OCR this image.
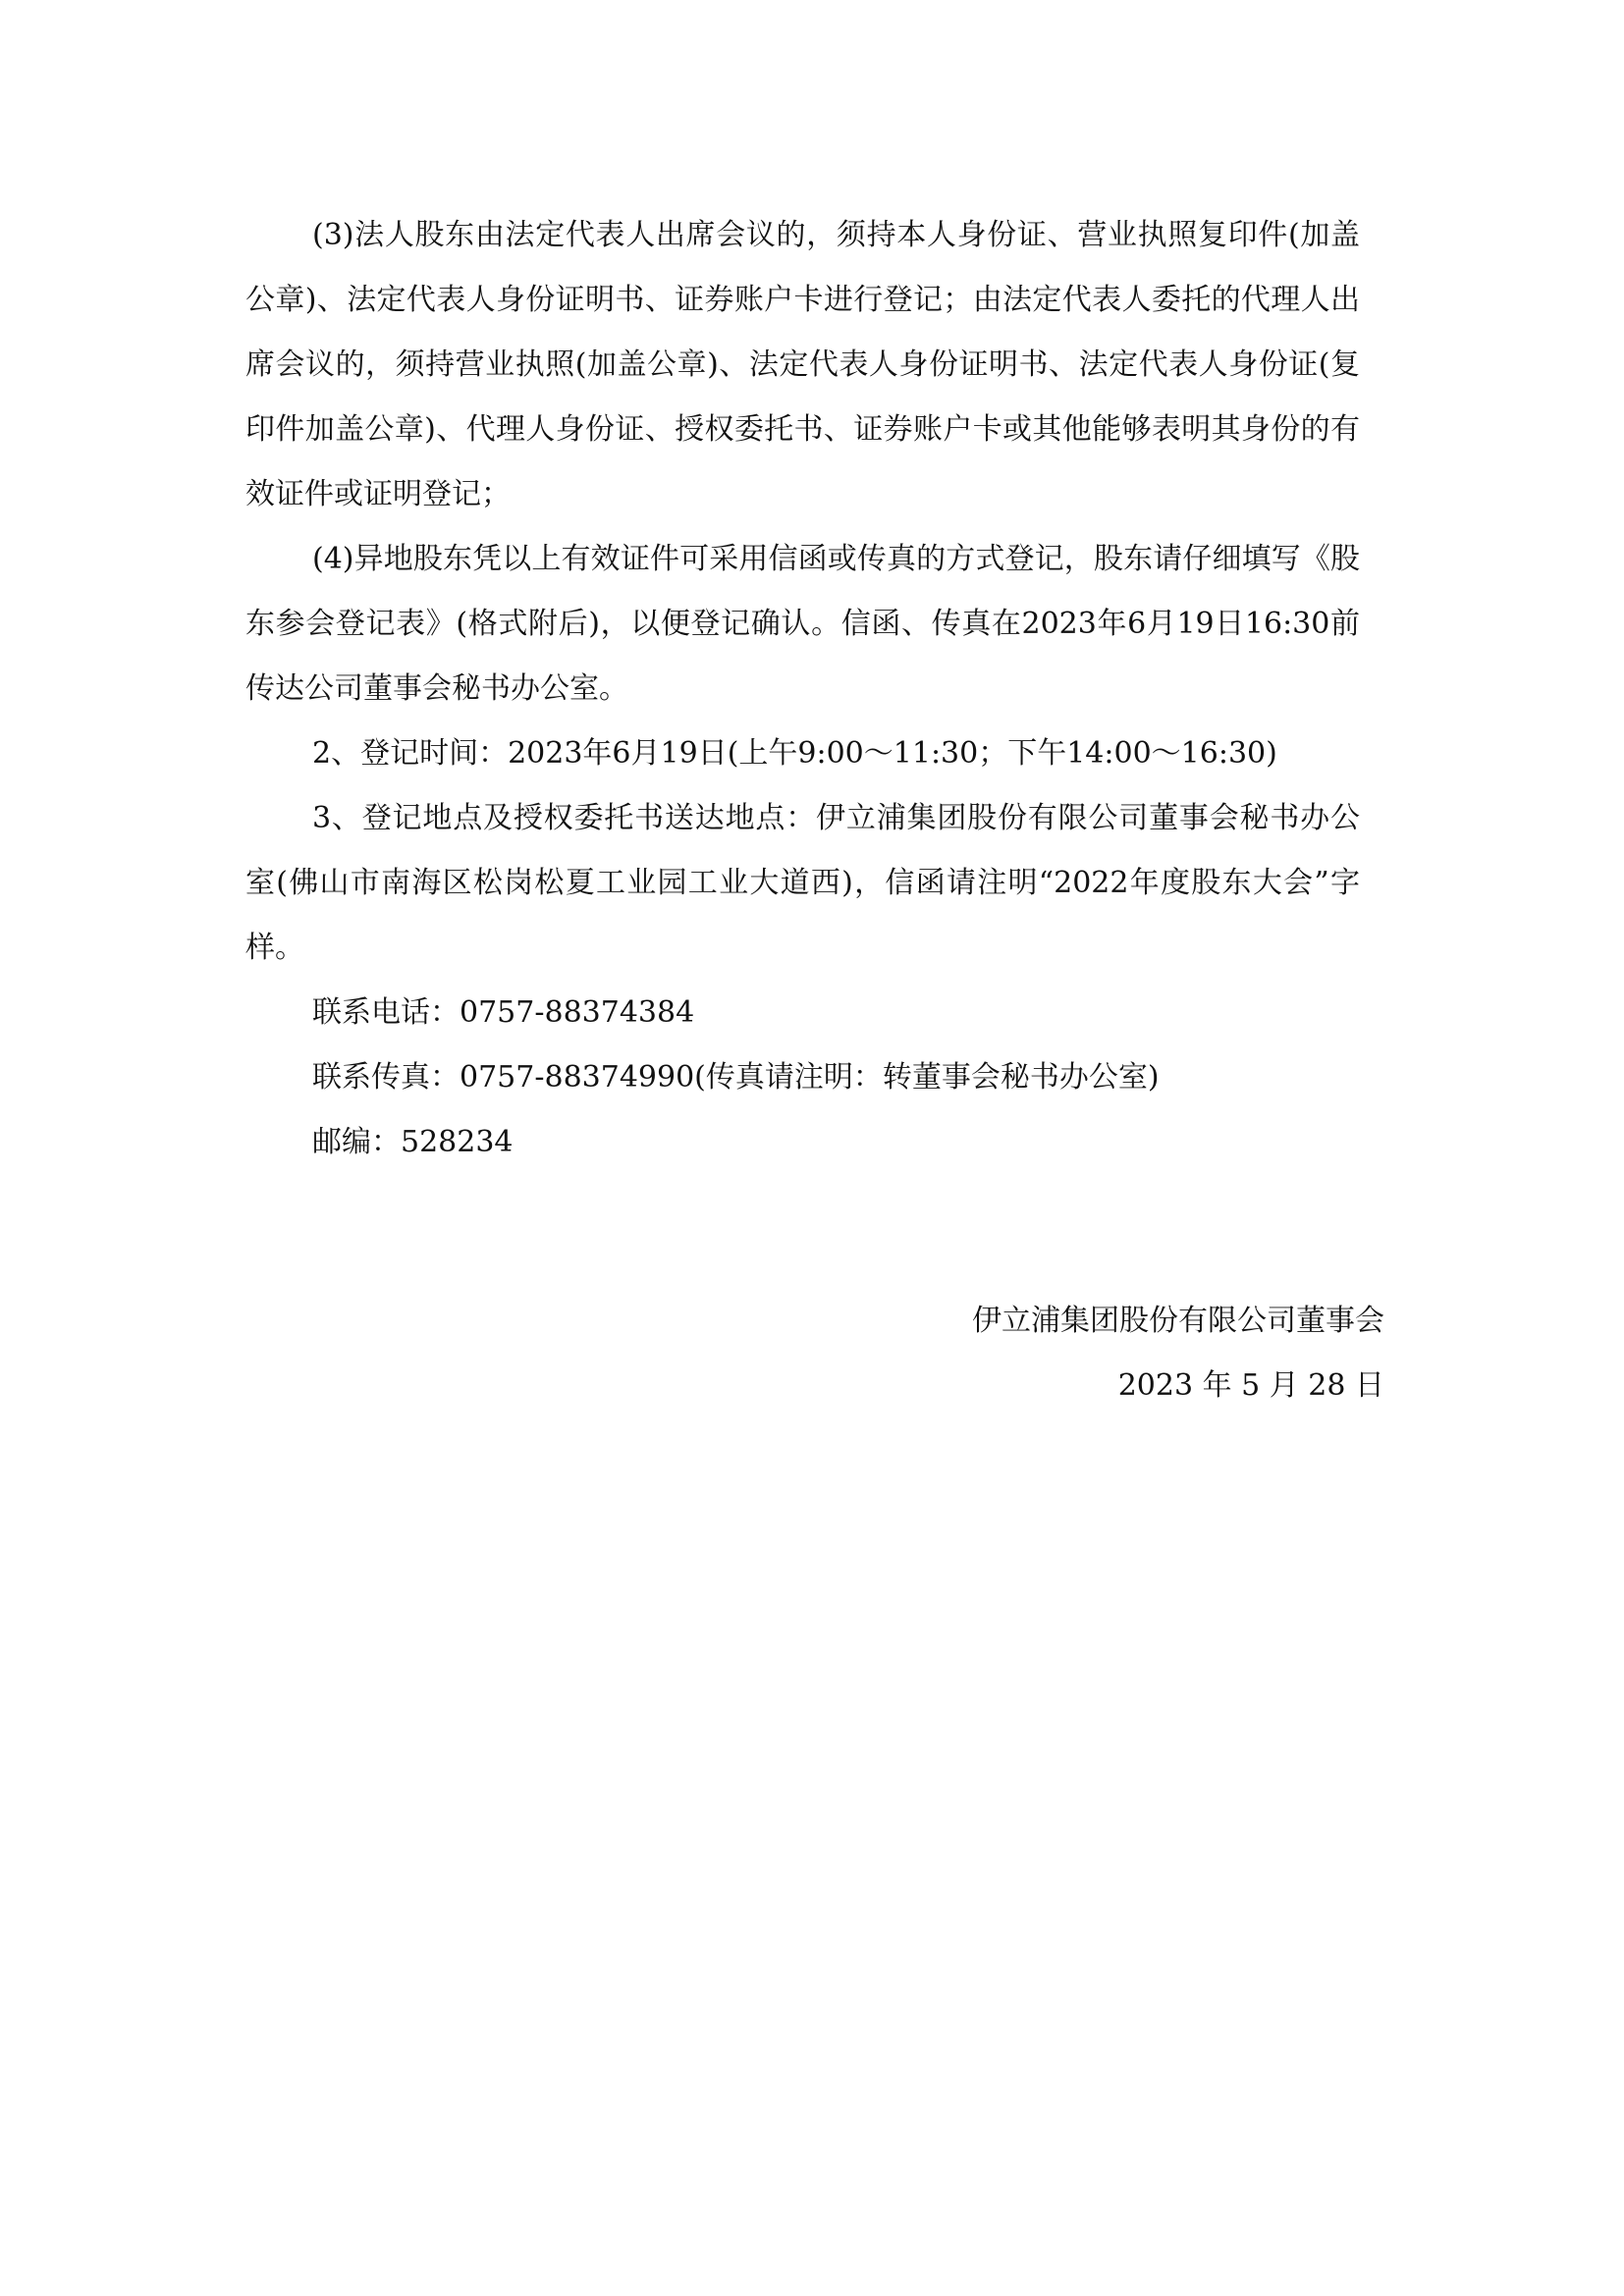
(3)法人股东由法定代表人出席会议的，须持本人身份证、营业执照复印件(加盖公章)、法定代表人身份证明书、证券账户卡进行登记；由法定代表人委托的代理人出席会议的，须持营业执照(加盖公章)、法定代表人身份证明书、法定代表人身份证(复印件加盖公章)、代理人身份证、授权委托书、证券账户卡或其他能够表明其身份的有效证件或证明登记；

(4)异地股东凭以上有效证件可采用信函或传真的方式登记，股东请仔细填写《股东参会登记表》(格式附后)，以便登记确认。信函、传真在2023年6月19日16:30前传达公司董事会秘书办公室。

2、登记时间：2023年6月19日(上午9:00～11:30；下午14:00～16:30)

3、登记地点及授权委托书送达地点：伊立浦集团股份有限公司董事会秘书办公室(佛山市南海区松岗松夏工业园工业大道西)，信函请注明“2022年度股东大会”字样。

联系电话：0757-88374384

联系传真：0757-88374990(传真请注明：转董事会秘书办公室)

邮编：528234

伊立浦集团股份有限公司董事会
2023 年 5 月 28 日
